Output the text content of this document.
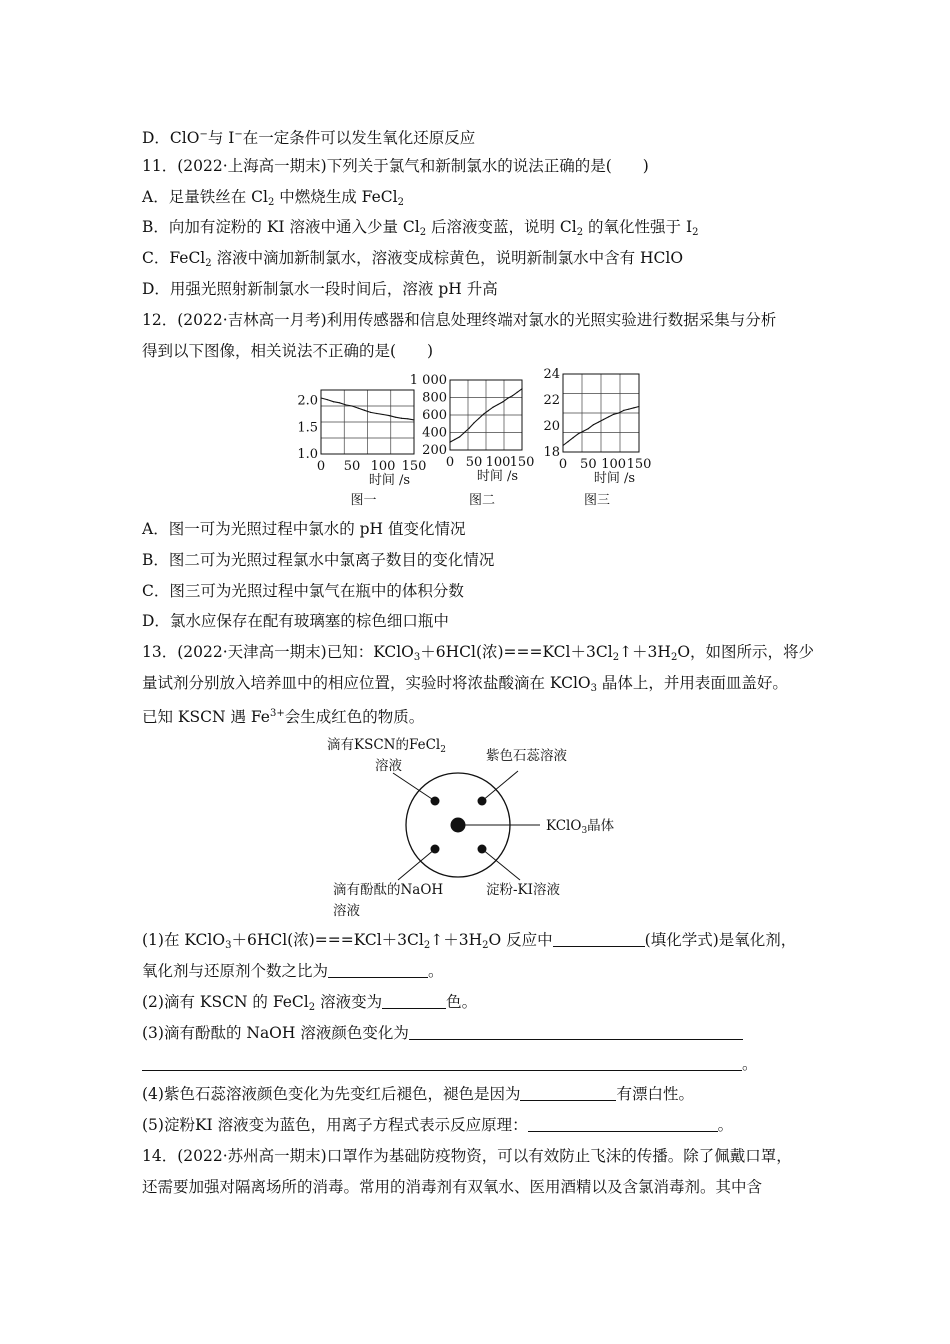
D．ClO−与 I−在一定条件可以发生氧化还原反应
11．(2022·上海高一期末)下列关于氯气和新制氯水的说法正确的是(　　)
A．足量铁丝在 $Cl_2$ 中燃烧生成 FeCl$_2$
B．向加有淀粉的 KI 溶液中通入少量 $Cl_2$ 后溶液变蓝，说明 $Cl_2$ 的氧化性强于 $I_2$
C．FeCl$_2$ 溶液中滴加新制氯水，溶液变成棕黄色，说明新制氯水中含有 HClO
D．用强光照射新制氯水一段时间后，溶液 pH 升高
12．(2022·吉林高一月考)利用传感器和信息处理终端对氯水的光照实验进行数据采集与分析
得到以下图像，相关说法不正确的是(　　)
1.0
1.5
2.0
0 50 100 150
时间 /s
图一
200
400
600
800
1 000
0 50 100 150
时间 /s
图二
18
20
22
24
0 50 100 150
时间 /s
图三
A．图一可为光照过程中氯水的 pH 值变化情况
B．图二可为光照过程氯水中氯离子数目的变化情况
C．图三可为光照过程中氯气在瓶中的体积分数
D．氯水应保存在配有玻璃塞的棕色细口瓶中
13．(2022·天津高一期末)已知：KClO$_3$＋6HCl(浓)$===KCl+3Cl_2↑+3H_2O$，如图所示，将少
量试剂分别放入培养皿中的相应位置，实验时将浓盐酸滴在 KClO$_3$ 晶体上，并用表面皿盖好。
已知 KSCN 遇 $Fe^{3+}$会生成红色的物质。
滴有KSCN的FeCl$_2$
溶液
紫色石蕊溶液
KClO$_3$晶体
滴有酚酞的NaOH
溶液
淀粉-KI溶液
(1)在 KClO$_3$＋6HCl(浓)$===KCl+3Cl_2↑+3H_2O$ 反应中	(填化学式)是氧化剂，
氧化剂与还原剂个数之比为	。
(2)滴有 KSCN 的 FeCl$_2$ 溶液变为	色。
(3)滴有酚酞的 NaOH 溶液颜色变化为
。
(4)紫色石蕊溶液颜色变化为先变红后褪色，褪色是因为	有漂白性。
(5)淀粉KI 溶液变为蓝色，用离子方程式表示反应原理：	。
14．(2022·苏州高一期末)口罩作为基础防疫物资，可以有效防止飞沫的传播。除了佩戴口罩，
还需要加强对隔离场所的消毒。常用的消毒剂有双氧水、医用酒精以及含氯消毒剂。其中含
